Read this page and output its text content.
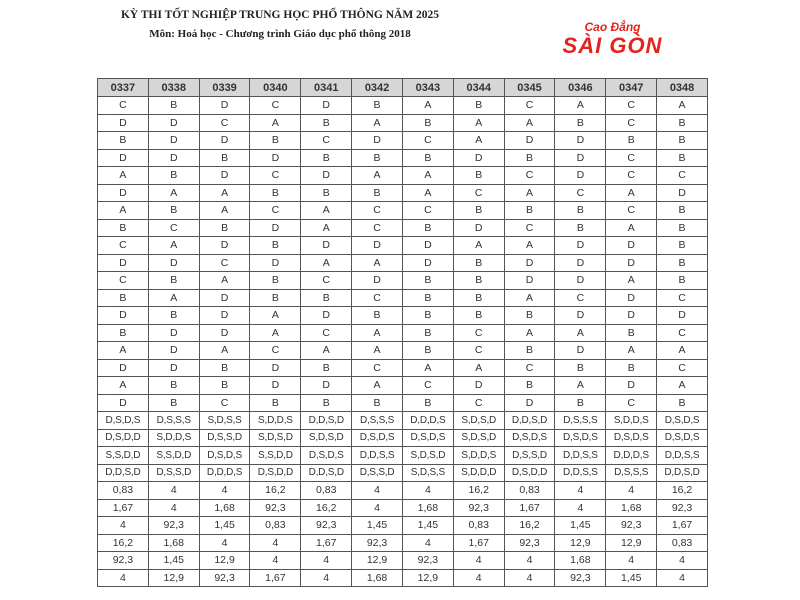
KỲ THI TỐT NGHIỆP TRUNG HỌC PHỔ THÔNG NĂM 2025
Môn: Hoá học - Chương trình Giáo dục phổ thông 2018	Cao Đẳng
SÀI GÒN
0337	0338	0339	0340	0341	0342	0343	0344	0345	0346	0347	0348
C	B	D	C	D	B	A	B	C	A	C	A
D	D	C	A	B	A	B	A	A	B	C	B
B	D	D	B	C	D	C	A	D	D	B	B
D	D	B	D	B	B	B	D	B	D	C	B
A	B	D	C	D	A	A	B	C	D	C	C
D	A	A	B	B	B	A	C	A	C	A	D
A	B	A	C	A	C	C	B	B	B	C	B
B	C	B	D	A	C	B	D	C	B	A	B
C	A	D	B	D	D	D	A	A	D	D	B
D	D	C	D	A	A	D	B	D	D	D	B
C	B	A	B	C	D	B	B	D	D	A	B
B	A	D	B	B	C	B	B	A	C	D	C
D	B	D	A	D	B	B	B	B	D	D	D
B	D	D	A	C	A	B	C	A	A	B	C
A	D	A	C	A	A	B	C	B	D	A	A
D	D	B	D	B	C	A	A	C	B	B	C
A	B	B	D	D	A	C	D	B	A	D	A
D	B	C	B	B	B	B	C	D	B	C	B
D,S,D,S	D,S,S,S	S,D,S,S	S,D,D,S	D,D,S,D	D,S,S,S	D,D,D,S	S,D,S,D	D,D,S,D	D,S,S,S	S,D,D,S	D,S,D,S
D,S,D,D	S,D,D,S	D,S,S,D	S,D,S,D	S,D,S,D	D,S,D,S	D,S,D,S	S,D,S,D	D,S,D,S	D,S,D,S	D,S,D,S	D,S,D,S
S,S,D,D	S,S,D,D	D,S,D,S	S,S,D,D	D,S,D,S	D,D,S,S	S,D,S,D	S,D,D,S	D,S,S,D	D,D,S,S	D,D,D,S	D,D,S,S
D,D,S,D	D,S,S,D	D,D,D,S	D,S,D,D	D,D,S,D	D,S,S,D	S,D,S,S	S,D,D,D	D,S,D,D	D,D,S,S	D,S,S,S	D,D,S,D
0,83	4	4	16,2	0,83	4	4	16,2	0,83	4	4	16,2
1,67	4	1,68	92,3	16,2	4	1,68	92,3	1,67	4	1,68	92,3
4	92,3	1,45	0,83	92,3	1,45	1,45	0,83	16,2	1,45	92,3	1,67
16,2	1,68	4	4	1,67	92,3	4	1,67	92,3	12,9	12,9	0,83
92,3	1,45	12,9	4	4	12,9	92,3	4	4	1,68	4	4
4	12,9	92,3	1,67	4	1,68	12,9	4	4	92,3	1,45	4
